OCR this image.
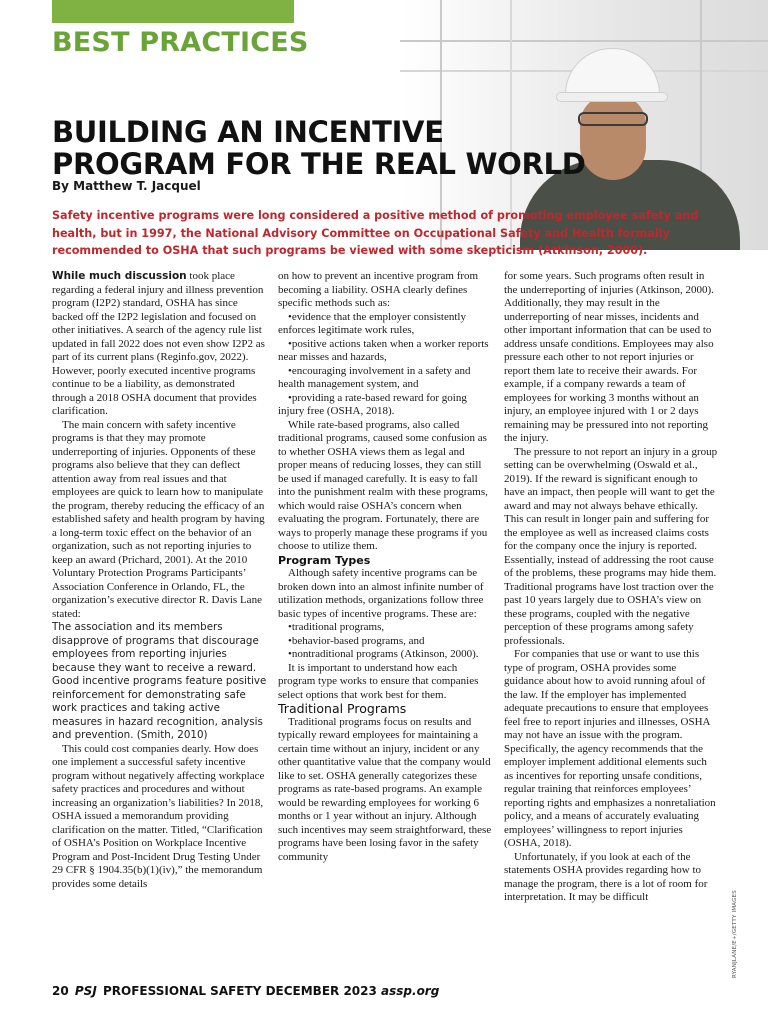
BEST PRACTICES
BUILDING AN INCENTIVE
PROGRAM FOR THE REAL WORLD
By Matthew T. Jacquel
Safety incentive programs were long considered a positive method of promoting employee safety and health, but in 1997, the National Advisory Committee on Occupational Safety and Health formally recommended to OSHA that such programs be viewed with some skepticism (Atkinson, 2000).

While much discussion took place regarding a federal injury and illness prevention program (I2P2) standard, OSHA has since backed off the I2P2 legislation and focused on other initiatives. A search of the agency rule list updated in fall 2022 does not even show I2P2 as part of its current plans (Reginfo.gov, 2022). However, poorly executed incentive programs continue to be a liability, as demonstrated through a 2018 OSHA document that provides clarification.

The main concern with safety incentive programs is that they may promote underreporting of injuries. Opponents of these programs also believe that they can deflect attention away from real issues and that employees are quick to learn how to manipulate the program, thereby reducing the efficacy of an established safety and health program by having a long-term toxic effect on the behavior of an organization, such as not reporting injuries to keep an award (Prichard, 2001). At the 2010 Voluntary Protection Programs Participants’ Association Conference in Orlando, FL, the organization’s executive director R. Davis Lane stated:

The association and its members disapprove of programs that discourage employees from reporting injuries because they want to receive a reward. Good incentive programs feature positive reinforcement for demonstrating safe work practices and taking active measures in hazard recognition, analysis and prevention. (Smith, 2010)

This could cost companies dearly. How does one implement a successful safety incentive program without negatively affecting workplace safety practices and procedures and without increasing an organization’s liabilities? In 2018, OSHA issued a memorandum providing clarification on the matter. Titled, “Clarification of OSHA’s Position on Workplace Incentive Program and Post-Incident Drug Testing Under 29 CFR § 1904.35(b)(1)(iv),” the memorandum provides some details

on how to prevent an incentive program from becoming a liability. OSHA clearly defines specific methods such as:

•evidence that the employer consistently enforces legitimate work rules,

•positive actions taken when a worker reports near misses and hazards,

•encouraging involvement in a safety and health management system, and

•providing a rate-based reward for going injury free (OSHA, 2018).

While rate-based programs, also called traditional programs, caused some confusion as to whether OSHA views them as legal and proper means of reducing losses, they can still be used if managed carefully. It is easy to fall into the punishment realm with these programs, which would raise OSHA’s concern when evaluating the program. Fortunately, there are ways to properly manage these programs if you choose to utilize them.

Program Types

Although safety incentive programs can be broken down into an almost infinite number of utilization methods, organizations follow three basic types of incentive programs. These are:

•traditional programs,

•behavior-based programs, and

•nontraditional programs (Atkinson, 2000).

It is important to understand how each program type works to ensure that companies select options that work best for them.

Traditional Programs

Traditional programs focus on results and typically reward employees for maintaining a certain time without an injury, incident or any other quantitative value that the company would like to set. OSHA generally categorizes these programs as rate-based programs. An example would be rewarding employees for working 6 months or 1 year without an injury. Although such incentives may seem straightforward, these programs have been losing favor in the safety community

for some years. Such programs often result in the underreporting of injuries (Atkinson, 2000). Additionally, they may result in the underreporting of near misses, incidents and other important information that can be used to address unsafe conditions. Employees may also pressure each other to not report injuries or report them late to receive their awards. For example, if a company rewards a team of employees for working 3 months without an injury, an employee injured with 1 or 2 days remaining may be pressured into not reporting the injury.

The pressure to not report an injury in a group setting can be overwhelming (Oswald et al., 2019). If the reward is significant enough to have an impact, then people will want to get the award and may not always behave ethically. This can result in longer pain and suffering for the employee as well as increased claims costs for the company once the injury is reported. Essentially, instead of addressing the root cause of the problems, these programs may hide them. Traditional programs have lost traction over the past 10 years largely due to OSHA’s view on these programs, coupled with the negative perception of these programs among safety professionals.

For companies that use or want to use this type of program, OSHA provides some guidance about how to avoid running afoul of the law. If the employer has implemented adequate precautions to ensure that employees feel free to report injuries and illnesses, OSHA may not have an issue with the program. Specifically, the agency recommends that the employer implement additional elements such as incentives for reporting unsafe conditions, regular training that reinforces employees’ reporting rights and emphasizes a nonretaliation policy, and a means of accurately evaluating employees’ willingness to report injuries (OSHA, 2018).

Unfortunately, if you look at each of the statements OSHA provides regarding how to manage the program, there is a lot of room for interpretation. It may be difficult	RYANJLANE/E+/GETTY IMAGES
20 PSJ PROFESSIONAL SAFETY DECEMBER 2023 assp.org
